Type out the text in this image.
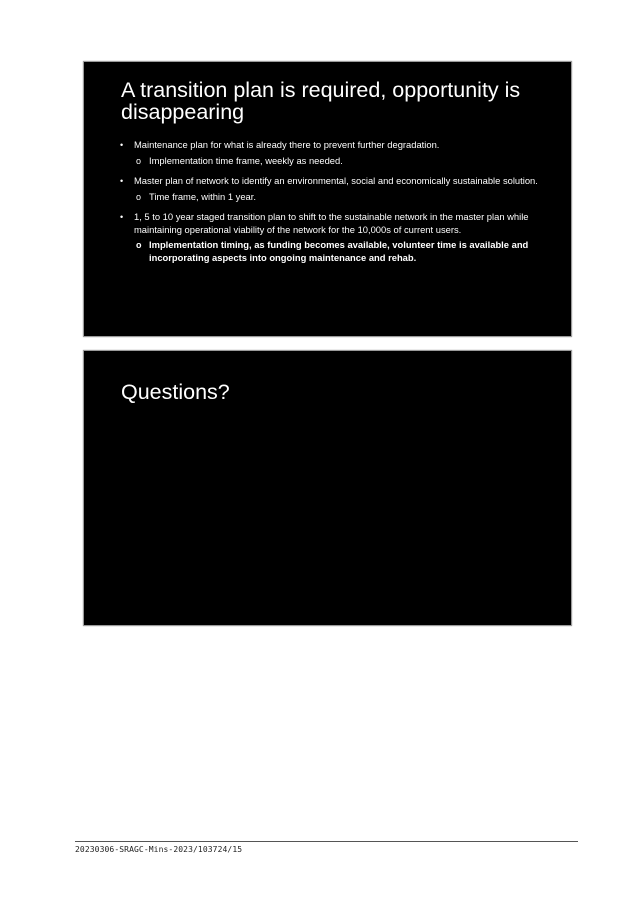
A transition plan is required, opportunity is disappearing
• Maintenance plan for what is already there to prevent further degradation.
o Implementation time frame, weekly as needed.
• Master plan of network to identify an environmental, social and economically sustainable solution.
o Time frame, within 1 year.
• 1, 5 to 10 year staged transition plan to shift to the sustainable network in the master plan while maintaining operational viability of the network for the 10,000s of current users.
o Implementation timing, as funding becomes available, volunteer time is available and incorporating aspects into ongoing maintenance and rehab.
Questions?
20230306-SRAGC-Mins-2023/103724/15
